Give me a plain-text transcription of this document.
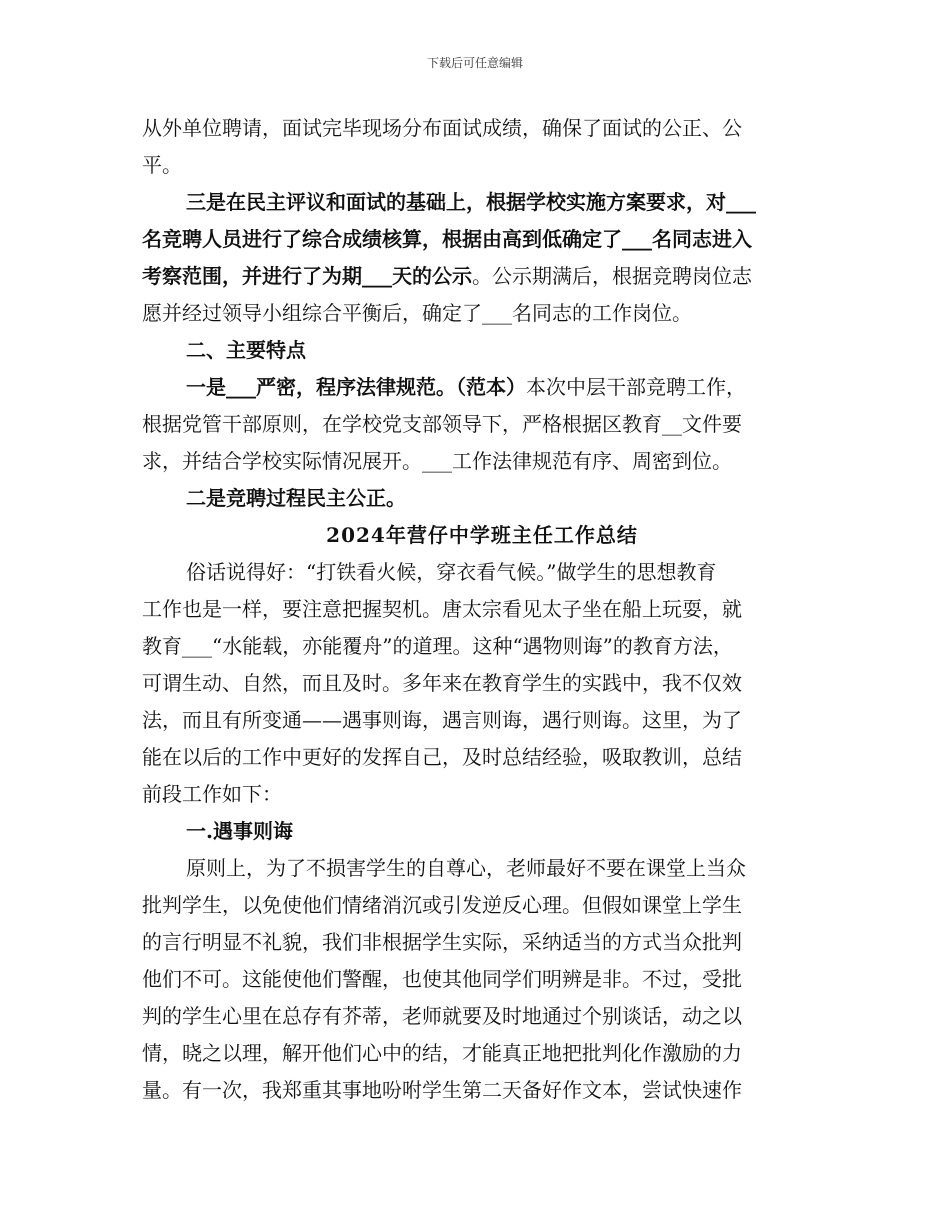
下载后可任意编辑
从外单位聘请，面试完毕现场分布面试成绩，确保了面试的公正、公
平。
三是在民主评议和面试的基础上，根据学校实施方案要求，对___
名竞聘人员进行了综合成绩核算，根据由高到低确定了___名同志进入
考察范围，并进行了为期___天的公示。公示期满后，根据竞聘岗位志
愿并经过领导小组综合平衡后，确定了___名同志的工作岗位。
二、主要特点
一是___严密，程序法律规范。（范本）本次中层干部竞聘工作，
根据党管干部原则，在学校党支部领导下，严格根据区教育__文件要
求，并结合学校实际情况展开。___工作法律规范有序、周密到位。
二是竞聘过程民主公正。
2024年营仔中学班主任工作总结
俗话说得好：“打铁看火候，穿衣看气候。”做学生的思想教育
工作也是一样，要注意把握契机。唐太宗看见太子坐在船上玩耍，就
教育___“水能载，亦能覆舟”的道理。这种“遇物则诲”的教育方法，
可谓生动、自然，而且及时。多年来在教育学生的实践中，我不仅效
法，而且有所变通——遇事则诲，遇言则诲，遇行则诲。这里，为了
能在以后的工作中更好的发挥自己，及时总结经验，吸取教训，总结
前段工作如下：
一.遇事则诲
原则上，为了不损害学生的自尊心，老师最好不要在课堂上当众
批判学生，以免使他们情绪消沉或引发逆反心理。但假如课堂上学生
的言行明显不礼貌，我们非根据学生实际，采纳适当的方式当众批判
他们不可。这能使他们警醒，也使其他同学们明辨是非。不过，受批
判的学生心里在总存有芥蒂，老师就要及时地通过个别谈话，动之以
情，晓之以理，解开他们心中的结，才能真正地把批判化作激励的力
量。有一次，我郑重其事地吩咐学生第二天备好作文本，尝试快速作
